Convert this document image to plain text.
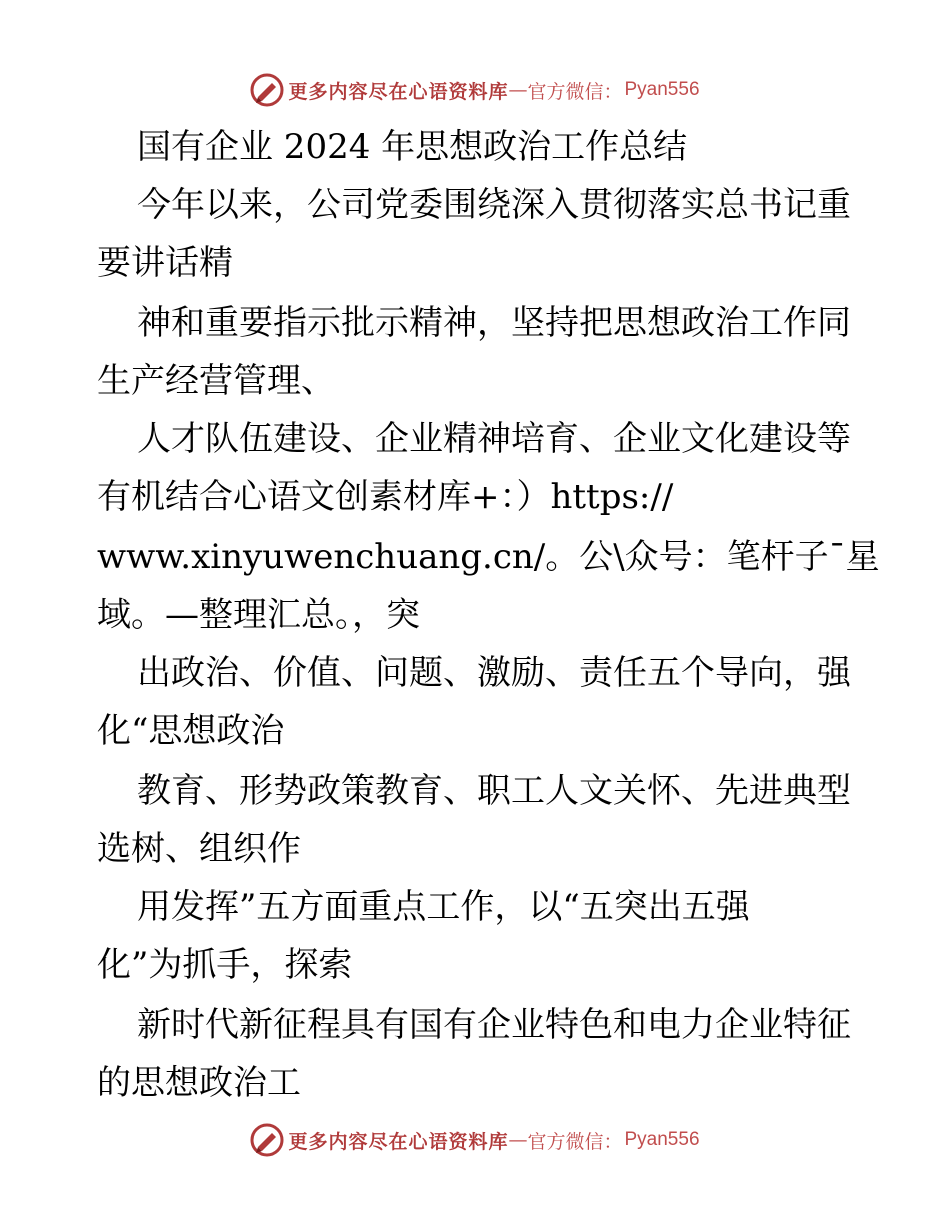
更多内容尽在心语资料库 — 官方微信： Pyan556
国有企业 2024 年思想政治工作总结
今年以来，公司党委围绕深入贯彻落实总书记重
要讲话精
神和重要指示批示精神，坚持把思想政治工作同
生产经营管理、
人才队伍建设、企业精神培育、企业文化建设等
有机结合心语文创素材库+：）https://
www.xinyuwenchuang.cn/。公\众号：笔杆子¯星
域。—整理汇总。，突
出政治、价值、问题、激励、责任五个导向，强
化“思想政治
教育、形势政策教育、职工人文关怀、先进典型
选树、组织作
用发挥”五方面重点工作，以“五突出五强
化”为抓手，探索
新时代新征程具有国有企业特色和电力企业特征
的思想政治工
更多内容尽在心语资料库 — 官方微信： Pyan556
